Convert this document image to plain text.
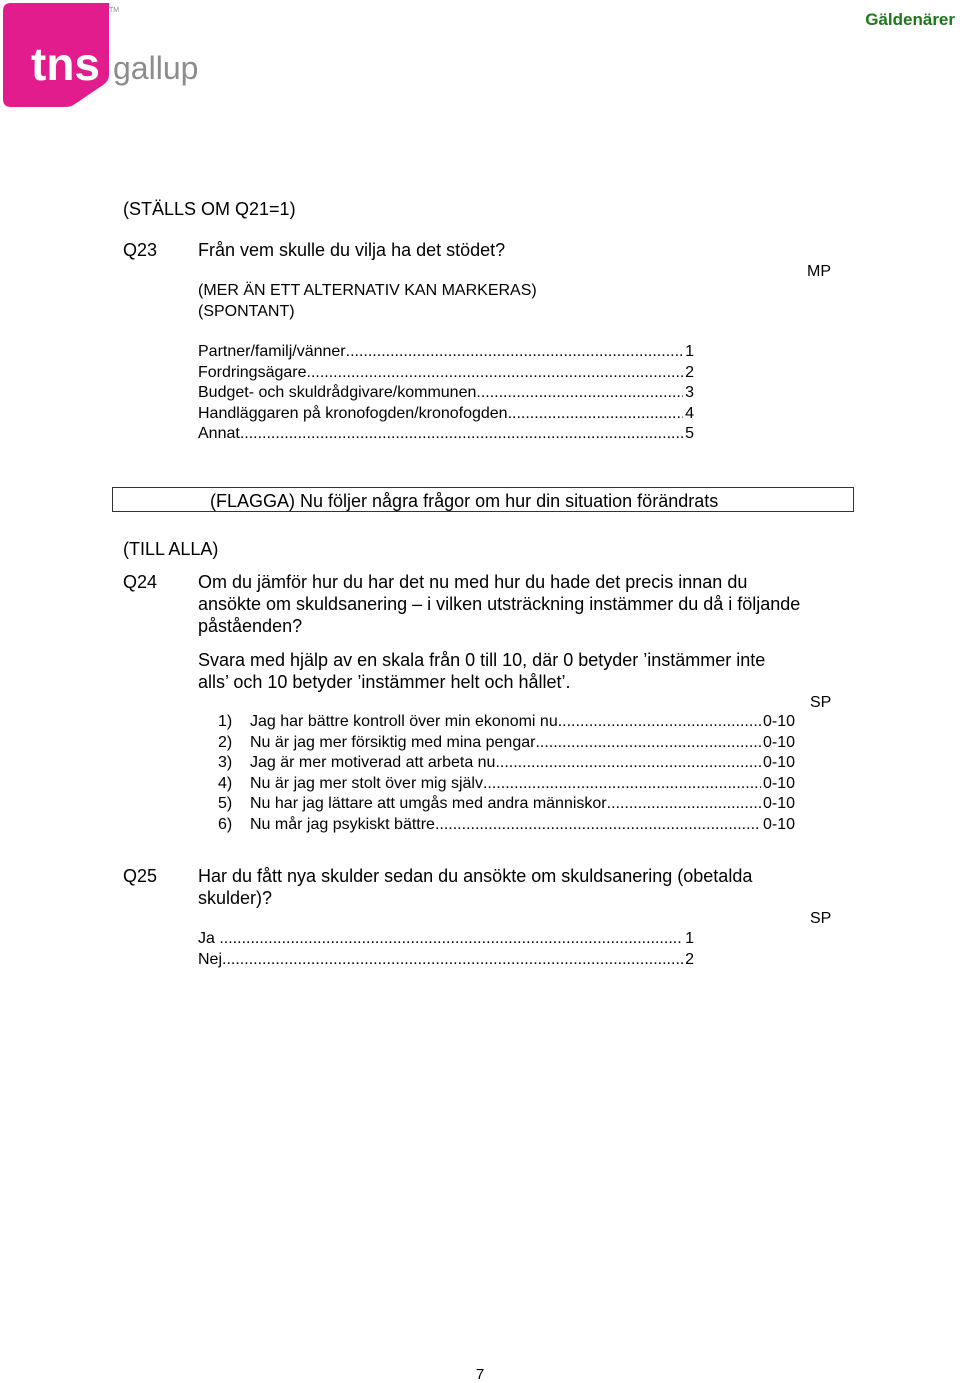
tns gallup
TM	Gäldenärer
(STÄLLS OM Q21=1)
Q23 Från vem skulle du vilja ha det stödet?
MP
(MER ÄN ETT ALTERNATIV KAN MARKERAS)
(SPONTANT)
Partner/familj/vänner .....	1
Fordringsägare .....	2
Budget- och skuldrådgivare/kommunen .....	3
Handläggaren på kronofogden/kronofogden .....	4
Annat .....	5
(FLAGGA) Nu följer några frågor om hur din situation förändrats
(TILL ALLA)
Q24 Om du jämför hur du har det nu med hur du hade det precis innan du
ansökte om skuldsanering – i vilken utsträckning instämmer du då i följande
påståenden?
Svara med hjälp av en skala från 0 till 10, där 0 betyder ’instämmer inte
alls’ och 10 betyder ’instämmer helt och hållet’.
SP
1)	Jag har bättre kontroll över min ekonomi nu .....	0-10
2)	Nu är jag mer försiktig med mina pengar .....	0-10
3)	Jag är mer motiverad att arbeta nu .....	0-10
4)	Nu är jag mer stolt över mig själv .....	0-10
5)	Nu har jag lättare att umgås med andra människor .....	0-10
6)	Nu mår jag psykiskt bättre .....	0-10
Q25 Har du fått nya skulder sedan du ansökte om skuldsanering (obetalda
skulder)?
SP
Ja .....	1
Nej .....	2
7
